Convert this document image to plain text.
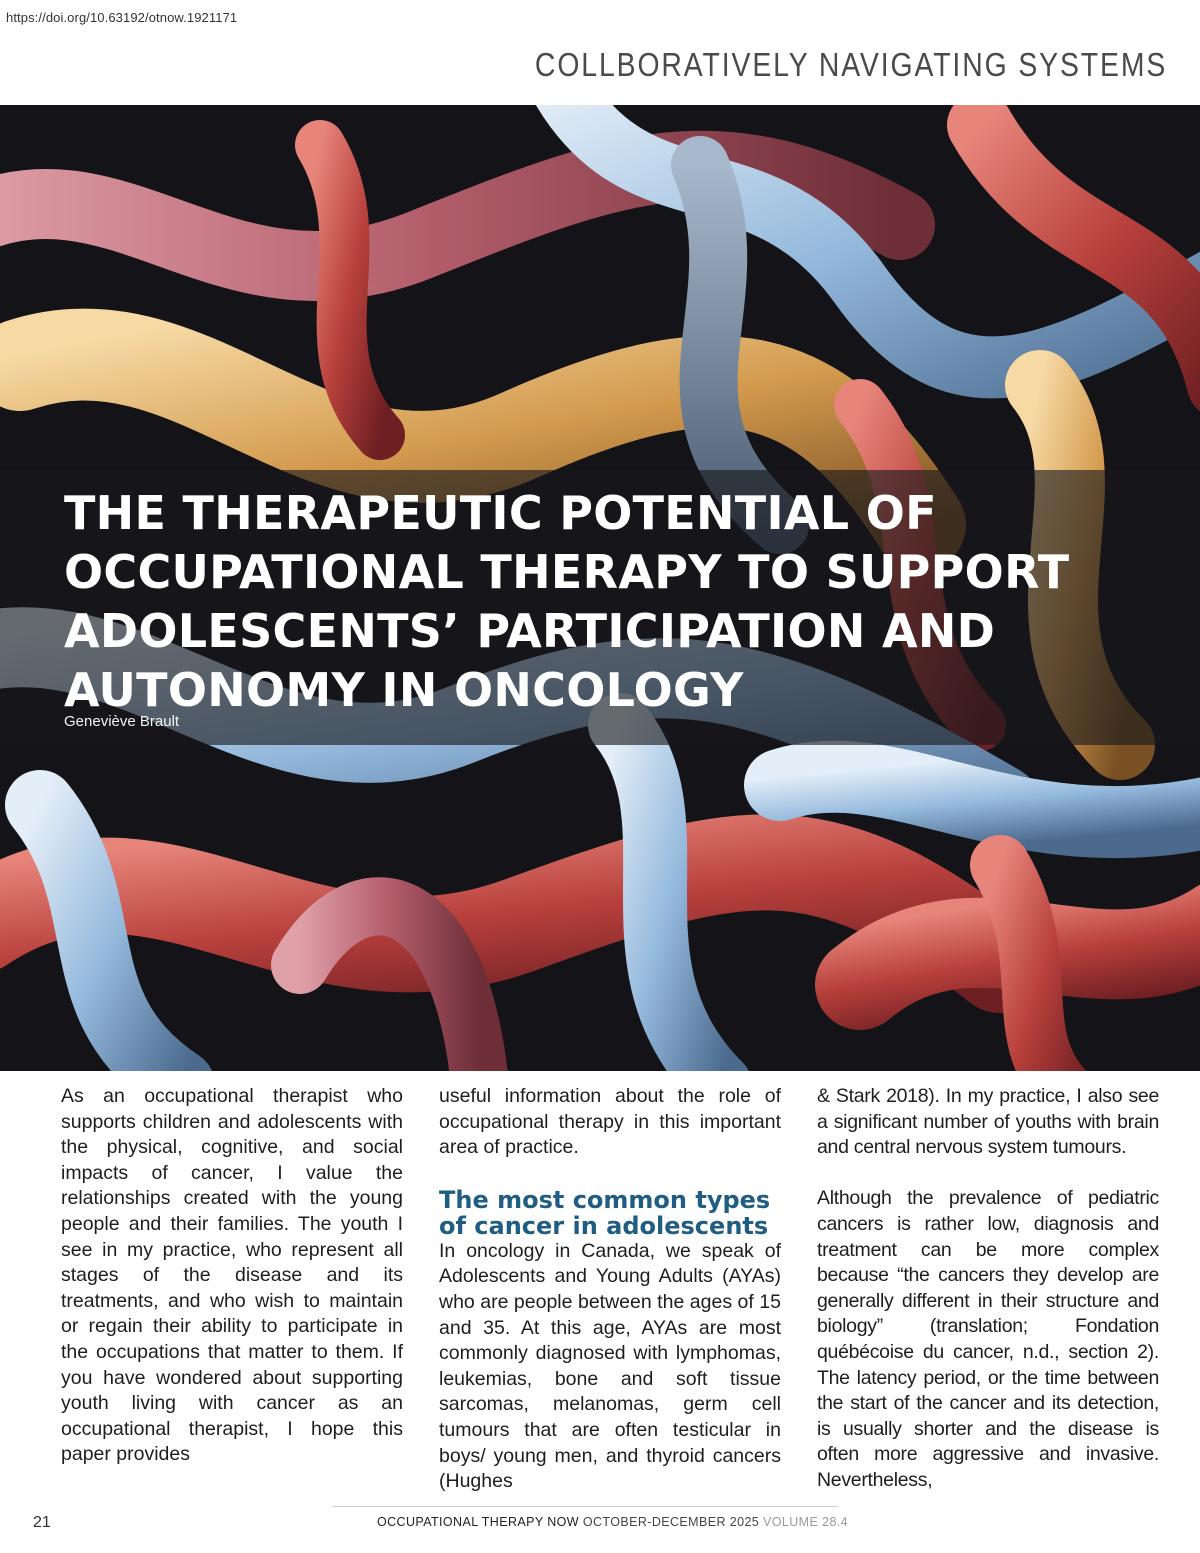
https://doi.org/10.63192/otnow.1921171
COLLBORATIVELY NAVIGATING SYSTEMS
THE THERAPEUTIC POTENTIAL OF OCCUPATIONAL THERAPY TO SUPPORT ADOLESCENTS’ PARTICIPATION AND AUTONOMY IN ONCOLOGY
Geneviève Brault

As an occupational therapist who supports children and adolescents with the physical, cognitive, and social impacts of cancer, I value the relationships created with the young people and their families. The youth I see in my practice, who represent all stages of the disease and its treatments, and who wish to maintain or regain their ability to participate in the occupations that matter to them. If you have wondered about supporting youth living with cancer as an occupational therapist, I hope this paper provides

useful information about the role of occupational therapy in this important area of practice.

The most common types of cancer in adolescents

In oncology in Canada, we speak of Adolescents and Young Adults (AYAs) who are people between the ages of 15 and 35. At this age, AYAs are most commonly diagnosed with lymphomas, leukemias, bone and soft tissue sarcomas, melanomas, germ cell tumours that are often testicular in boys/ young men, and thyroid cancers (Hughes

& Stark 2018). In my practice, I also see a significant number of youths with brain and central nervous system tumours.

Although the prevalence of pediatric cancers is rather low, diagnosis and treatment can be more complex because “the cancers they develop are generally different in their structure and biology” (translation; Fondation québécoise du cancer, n.d., section 2). The latency period, or the time between the start of the cancer and its detection, is usually shorter and the disease is often more aggressive and invasive. Nevertheless,

21	OCCUPATIONAL THERAPY NOW OCTOBER-DECEMBER 2025 VOLUME 28.4
